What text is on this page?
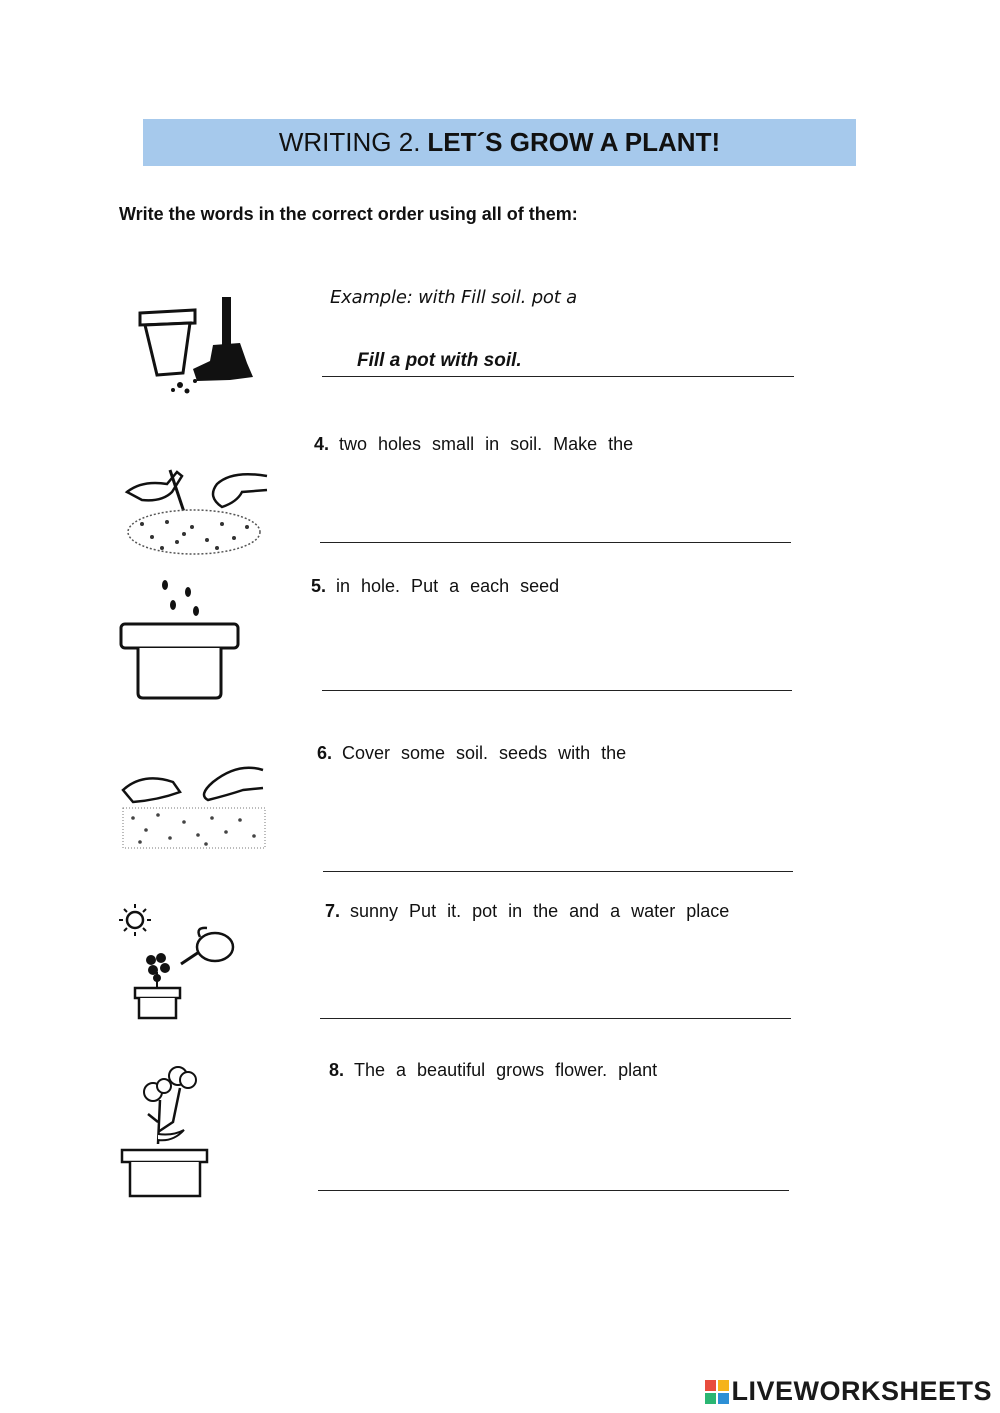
WRITING 2. LET´S GROW A PLANT!
Write the words in the correct order using all of them:
Example: with Fill soil. pot a
Fill a pot with soil.
4. two holes small in soil. Make the
5. in hole. Put a each seed
6. Cover some soil. seeds with the
7. sunny Put it. pot in the and a water place
8. The a beautiful grows flower. plant
LIVEWORKSHEETS
